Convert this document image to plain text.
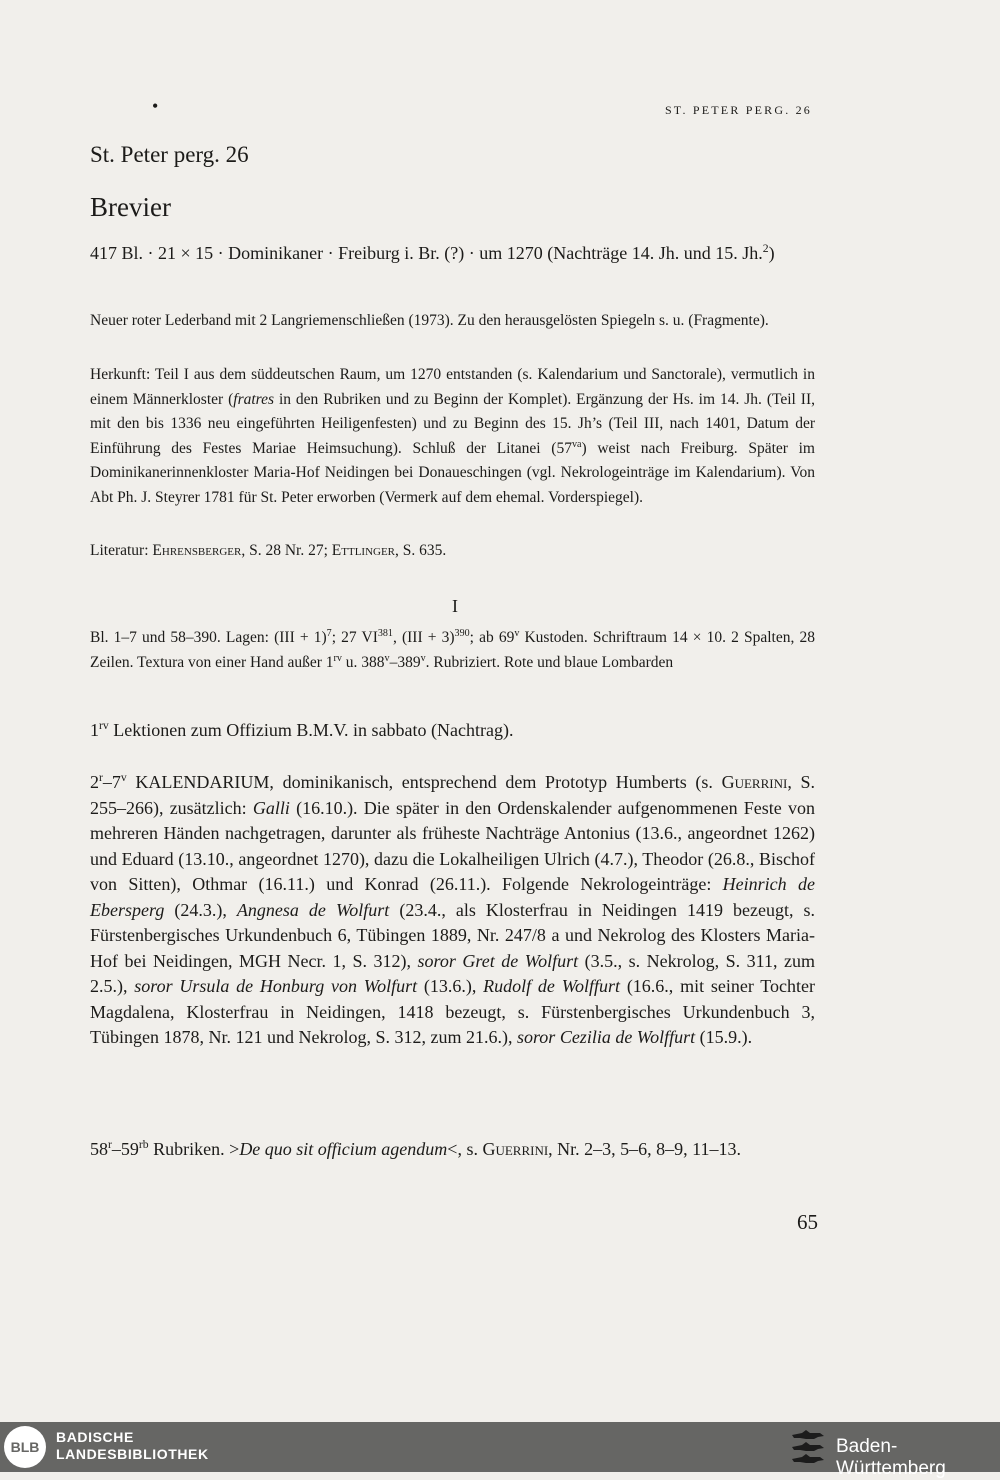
•	ST. PETER PERG. 26
St. Peter perg. 26
Brevier
417 Bl. · 21 × 15 · Dominikaner · Freiburg i. Br. (?) · um 1270 (Nachträge 14. Jh. und 15. Jh.$^2$)
Neuer roter Lederband mit 2 Langriemenschließen (1973). Zu den herausgelösten Spiegeln s. u. (Fragmente).
Herkunft: Teil I aus dem süddeutschen Raum, um 1270 entstanden (s. Kalendarium und Sanctorale), vermutlich in einem Männerkloster (fratres in den Rubriken und zu Beginn der Komplet). Ergänzung der Hs. im 14. Jh. (Teil II, mit den bis 1336 neu eingeführten Heiligenfesten) und zu Beginn des 15. Jh’s (Teil III, nach 1401, Datum der Einführung des Festes Mariae Heimsuchung). Schluß der Litanei $(57^{va})$ weist nach Freiburg. Später im Dominikanerinnenkloster Maria-Hof Neidingen bei Donaueschingen (vgl. Nekrologeinträge im Kalendarium). Von Abt Ph. J. Steyrer 1781 für St. Peter erworben (Vermerk auf dem ehemal. Vorderspiegel).
Literatur: Ehrensberger, S. 28 Nr. 27; Ettlinger, S. 635.
I
Bl. 1–7 und 58–390. Lagen: (III + 1)$^7$; 27 VI$^{381}$, (III + 3)$^{390}$; ab 69$^v$ Kustoden. Schriftraum 14 × 10. 2 Spalten, 28 Zeilen. Textura von einer Hand außer $1^{rv}$ u. 388$^v$–389$^v$. Rubriziert. Rote und blaue Lombarden
$1^{rv}$ Lektionen zum Offizium B.M.V. in sabbato (Nachtrag).
2$^r$–7$^v$ KALENDARIUM, dominikanisch, entsprechend dem Prototyp Humberts (s. Guerrini, S. 255–266), zusätzlich: Galli (16.10.). Die später in den Ordenskalender aufgenommenen Feste von mehreren Händen nachgetragen, darunter als früheste Nachträge Antonius (13.6., angeordnet 1262) und Eduard (13.10., angeordnet 1270), dazu die Lokalheiligen Ulrich (4.7.), Theodor (26.8., Bischof von Sitten), Othmar (16.11.) und Konrad (26.11.). Folgende Nekrologeinträge: Heinrich de Ebersperg (24.3.), Angnesa de Wolfurt (23.4., als Klosterfrau in Neidingen 1419 bezeugt, s. Fürstenbergisches Urkundenbuch 6, Tübingen 1889, Nr. 247/8 a und Nekrolog des Klosters Maria-Hof bei Neidingen, MGH Necr. 1, S. 312), soror Gret de Wolfurt (3.5., s. Nekrolog, S. 311, zum 2.5.), soror Ursula de Honburg von Wolfurt (13.6.), Rudolf de Wolffurt (16.6., mit seiner Tochter Magdalena, Klosterfrau in Neidingen, 1418 bezeugt, s. Fürstenbergisches Urkundenbuch 3, Tübingen 1878, Nr. 121 und Nekrolog, S. 312, zum 21.6.), soror Cezilia de Wolffurt (15.9.).
$58^r-59^{rb}$ Rubriken. >De quo sit officium agendum<, s. Guerrini, Nr. 2–3, 5–6, 8–9, 11–13.
65
BLB
BADISCHE
LANDESBIBLIOTHEK	Baden-Württemberg
